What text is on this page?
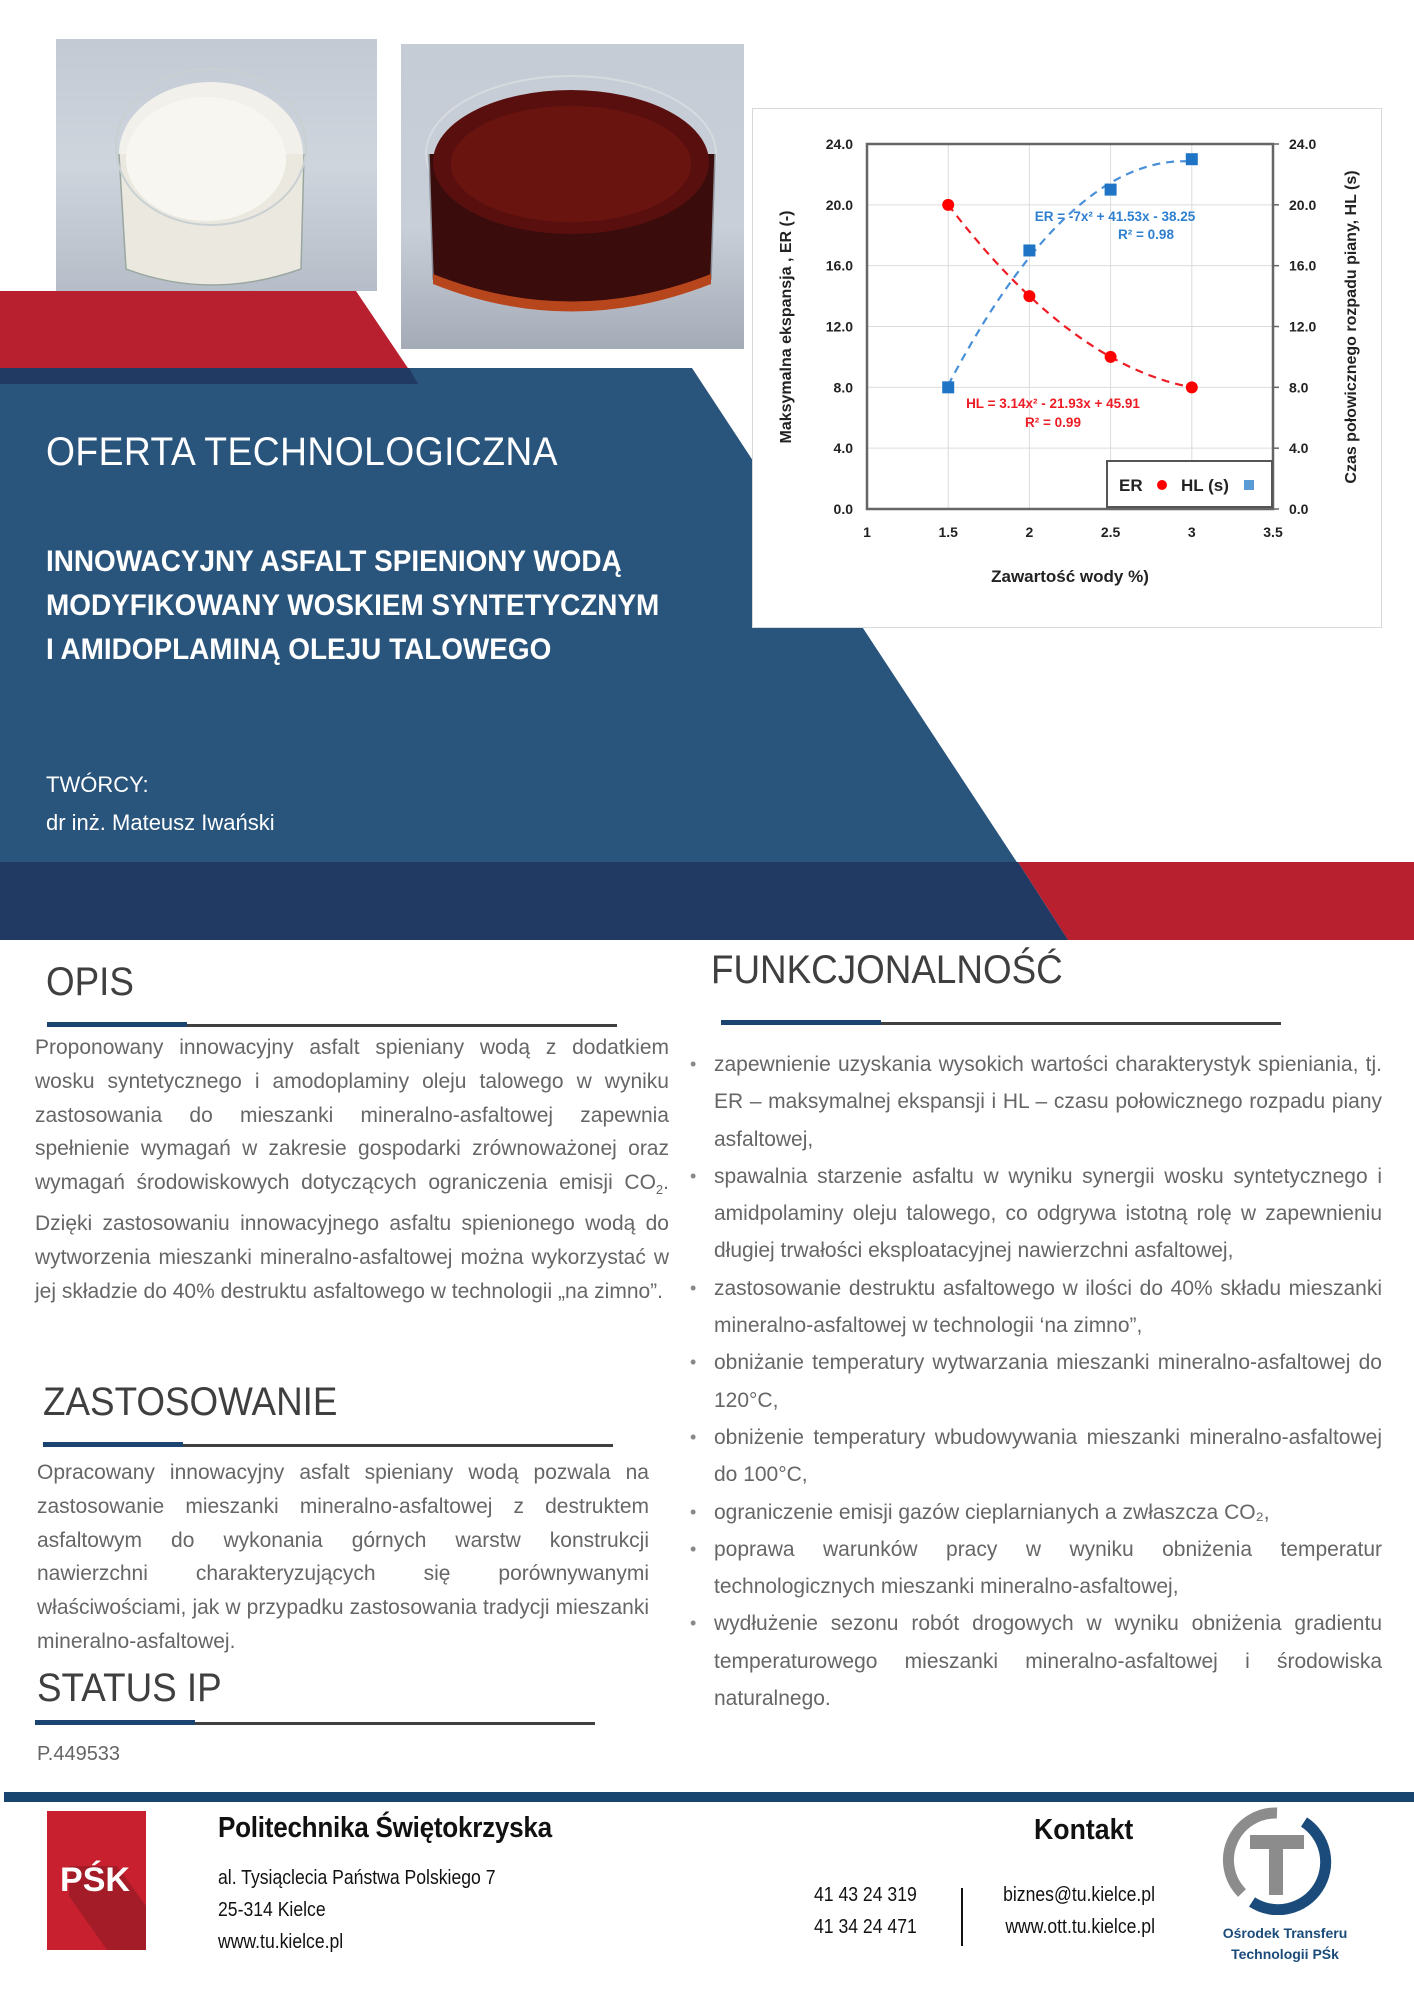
OFERTA TECHNOLOGICZNA
INNOWACYJNY ASFALT SPIENIONY WODĄ
MODYFIKOWANY WOSKIEM SYNTETYCZNYM
I AMIDOPLAMINĄ OLEJU TALOWEGO
TWÓRCY:
dr inż. Mateusz Iwański
0.0	0.0
4.0	4.0
8.0	8.0
12.0	12.0
16.0	16.0
20.0	20.0
24.0	24.0
1	1.5	2	2.5	3	3.5
ER = -7x² + 41.53x - 38.25
R² = 0.98
HL = 3.14x² - 21.93x + 45.91
R² = 0.99
ER HL (s)
Zawartość wody %)
Maksymalna ekspansja , ER (-)	Czas połowicznego rozpadu piany, HL (s)
OPIS
Proponowany innowacyjny asfalt spieniany wodą z dodatkiem wosku syntetycznego i amodoplaminy oleju talowego w wyniku zastosowania do mieszanki mineralno-asfaltowej zapewnia spełnienie wymagań w zakresie gospodarki zrównoważonej oraz wymagań środowiskowych dotyczących ograniczenia emisji $CO_2$. Dzięki zastosowaniu innowacyjnego asfaltu spienionego wodą do wytworzenia mieszanki mineralno-asfaltowej można wykorzystać w jej składzie do 40% destruktu asfaltowego w technologii „na zimno”.
ZASTOSOWANIE
Opracowany innowacyjny asfalt spieniany wodą pozwala na zastosowanie mieszanki mineralno-asfaltowej z destruktem asfaltowym do wykonania górnych warstw konstrukcji nawierzchni charakteryzujących się porównywanymi właściwościami, jak w przypadku zastosowania tradycji mieszanki mineralno-asfaltowej.
STATUS IP
P.449533
FUNKCJONALNOŚĆ
• zapewnienie uzyskania wysokich wartości charakterystyk spieniania, tj. ER – maksymalnej ekspansji i HL – czasu połowicznego rozpadu piany asfaltowej,
• spawalnia starzenie asfaltu w wyniku synergii wosku syntetycznego i amidpolaminy oleju talowego, co odgrywa istotną rolę w zapewnieniu długiej trwałości eksploatacyjnej nawierzchni asfaltowej,
• zastosowanie destruktu asfaltowego w ilości do 40% składu mieszanki mineralno-asfaltowej w technologii ‘na zimno”,
• obniżanie temperatury wytwarzania mieszanki mineralno-asfaltowej do 120°C,
• obniżenie temperatury wbudowywania mieszanki mineralno-asfaltowej do 100°C,
• ograniczenie emisji gazów cieplarnianych a zwłaszcza CO₂,
• poprawa warunków pracy w wyniku obniżenia temperatur technologicznych mieszanki mineralno-asfaltowej,
• wydłużenie sezonu robót drogowych w wyniku obniżenia gradientu temperaturowego mieszanki mineralno-asfaltowej i środowiska naturalnego.
PŚK
Politechnika Świętokrzyska
al. Tysiąclecia Państwa Polskiego 7
25-314 Kielce
www.tu.kielce.pl
Kontakt
41 43 24 319
41 34 24 471
biznes@tu.kielce.pl
www.ott.tu.kielce.pl	Ośrodek Transferu
Technologii PŚk
